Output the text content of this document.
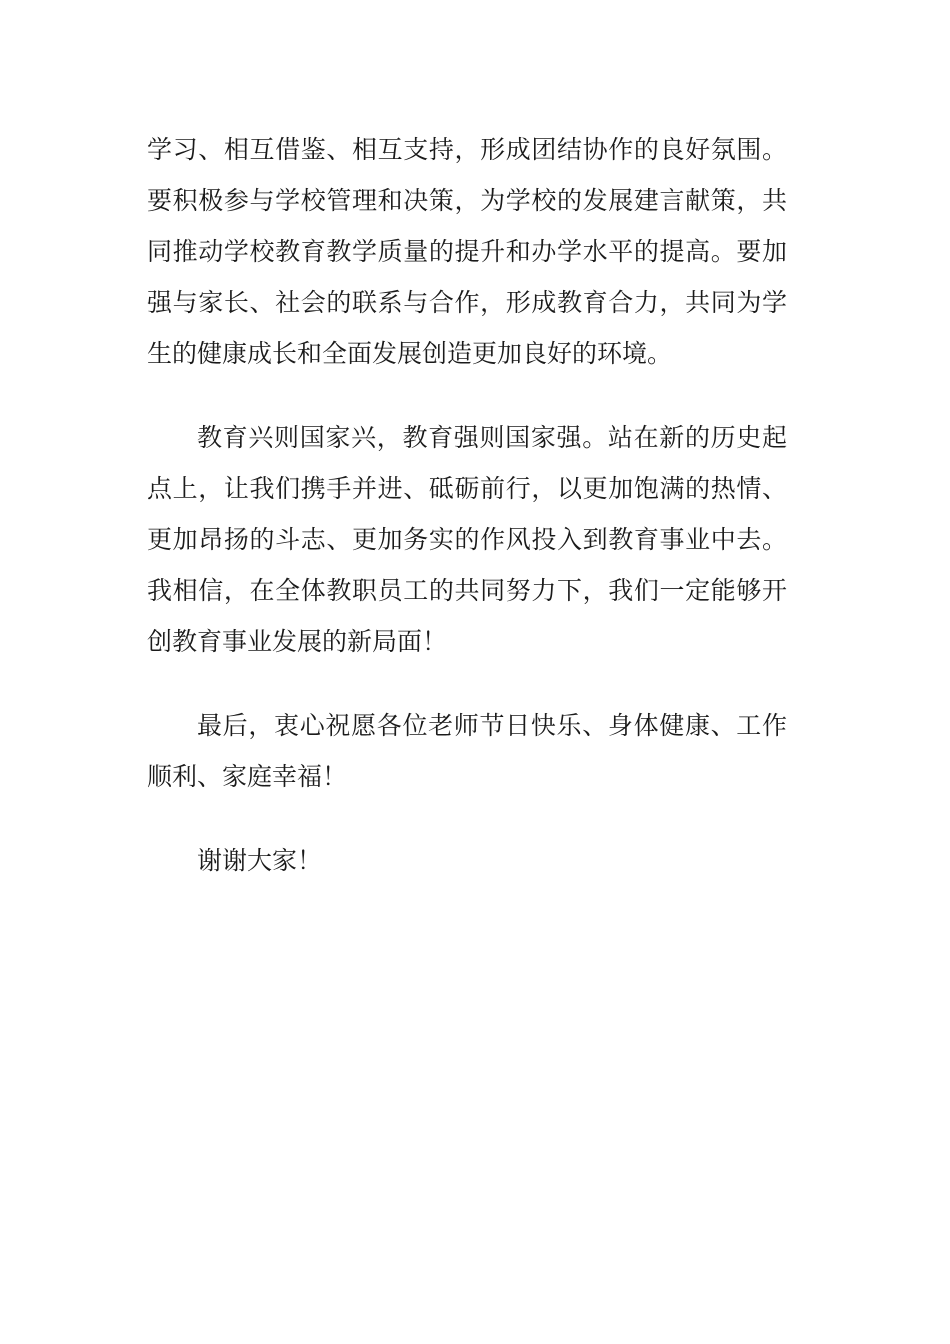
学习、相互借鉴、相互支持，形成团结协作的良好氛围。
要积极参与学校管理和决策，为学校的发展建言献策，共
同推动学校教育教学质量的提升和办学水平的提高。要加
强与家长、社会的联系与合作，形成教育合力，共同为学
生的健康成长和全面发展创造更加良好的环境。
教育兴则国家兴，教育强则国家强。站在新的历史起
点上，让我们携手并进、砥砺前行，以更加饱满的热情、
更加昂扬的斗志、更加务实的作风投入到教育事业中去。
我相信，在全体教职员工的共同努力下，我们一定能够开
创教育事业发展的新局面！
最后，衷心祝愿各位老师节日快乐、身体健康、工作
顺利、家庭幸福！
谢谢大家！
